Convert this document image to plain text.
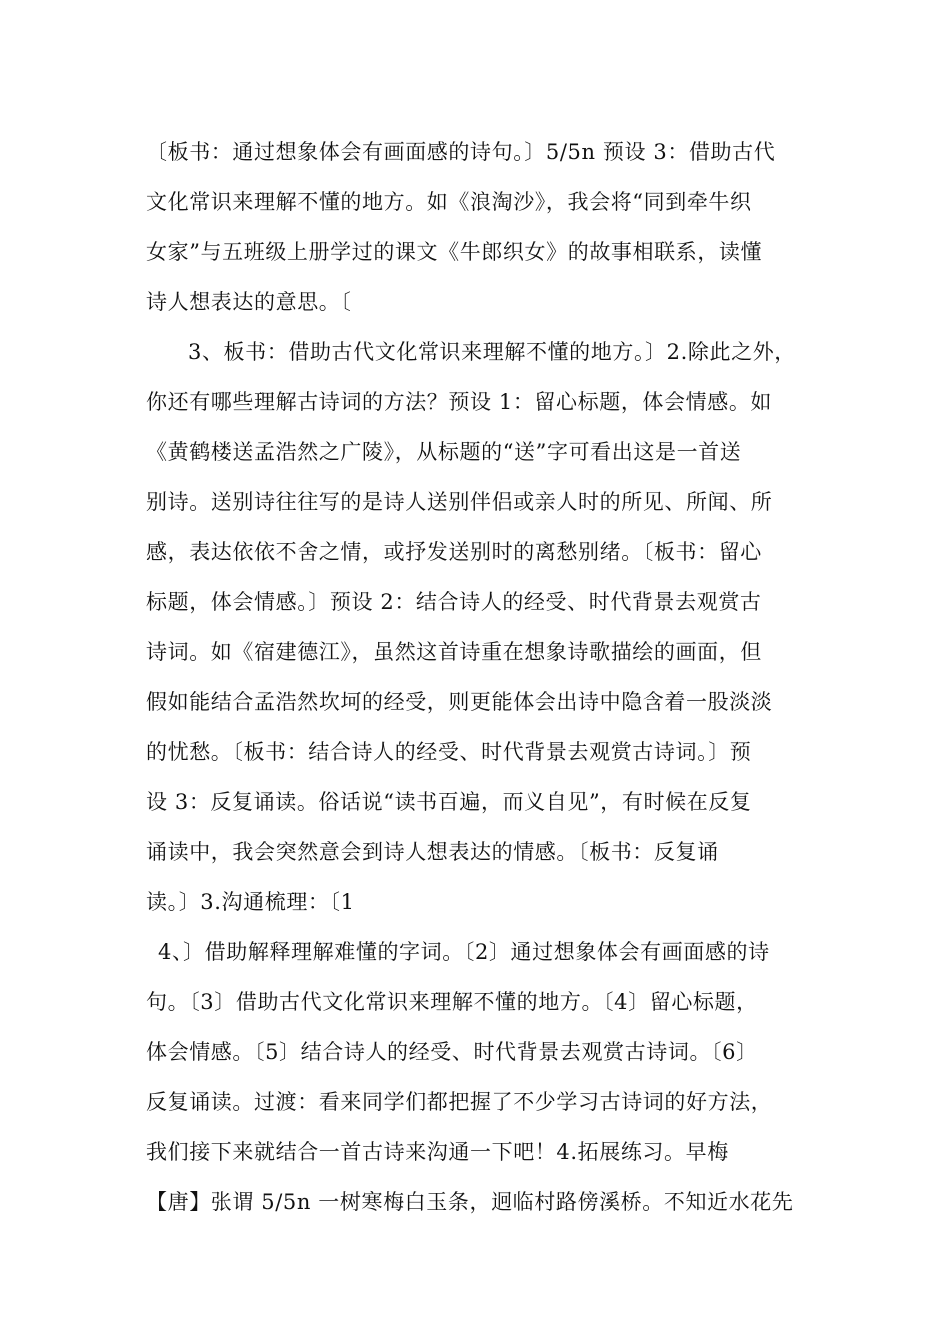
〔板书：通过想象体会有画面感的诗句。〕5/5n 预设 3：借助古代
文化常识来理解不懂的地方。如《浪淘沙》，我会将“同到牵牛织
女家”与五班级上册学过的课文《牛郎织女》的故事相联系，读懂
诗人想表达的意思。〔
3、板书：借助古代文化常识来理解不懂的地方。〕2.除此之外，
你还有哪些理解古诗词的方法？预设 1：留心标题，体会情感。如
《黄鹤楼送孟浩然之广陵》，从标题的“送”字可看出这是一首送
别诗。送别诗往往写的是诗人送别伴侣或亲人时的所见、所闻、所
感，表达依依不舍之情，或抒发送别时的离愁别绪。〔板书：留心
标题，体会情感。〕预设 2：结合诗人的经受、时代背景去观赏古
诗词。如《宿建德江》，虽然这首诗重在想象诗歌描绘的画面，但
假如能结合孟浩然坎坷的经受，则更能体会出诗中隐含着一股淡淡
的忧愁。〔板书：结合诗人的经受、时代背景去观赏古诗词。〕预
设 3：反复诵读。俗话说“读书百遍，而义自见”，有时候在反复
诵读中，我会突然意会到诗人想表达的情感。〔板书：反复诵
读。〕3.沟通梳理：〔1
4、〕借助解释理解难懂的字词。〔2〕通过想象体会有画面感的诗
句。〔3〕借助古代文化常识来理解不懂的地方。〔4〕留心标题，
体会情感。〔5〕结合诗人的经受、时代背景去观赏古诗词。〔6〕
反复诵读。过渡：看来同学们都把握了不少学习古诗词的好方法，
我们接下来就结合一首古诗来沟通一下吧！4.拓展练习。早梅
【唐】张谓 5/5n 一树寒梅白玉条，迥临村路傍溪桥。不知近水花先
